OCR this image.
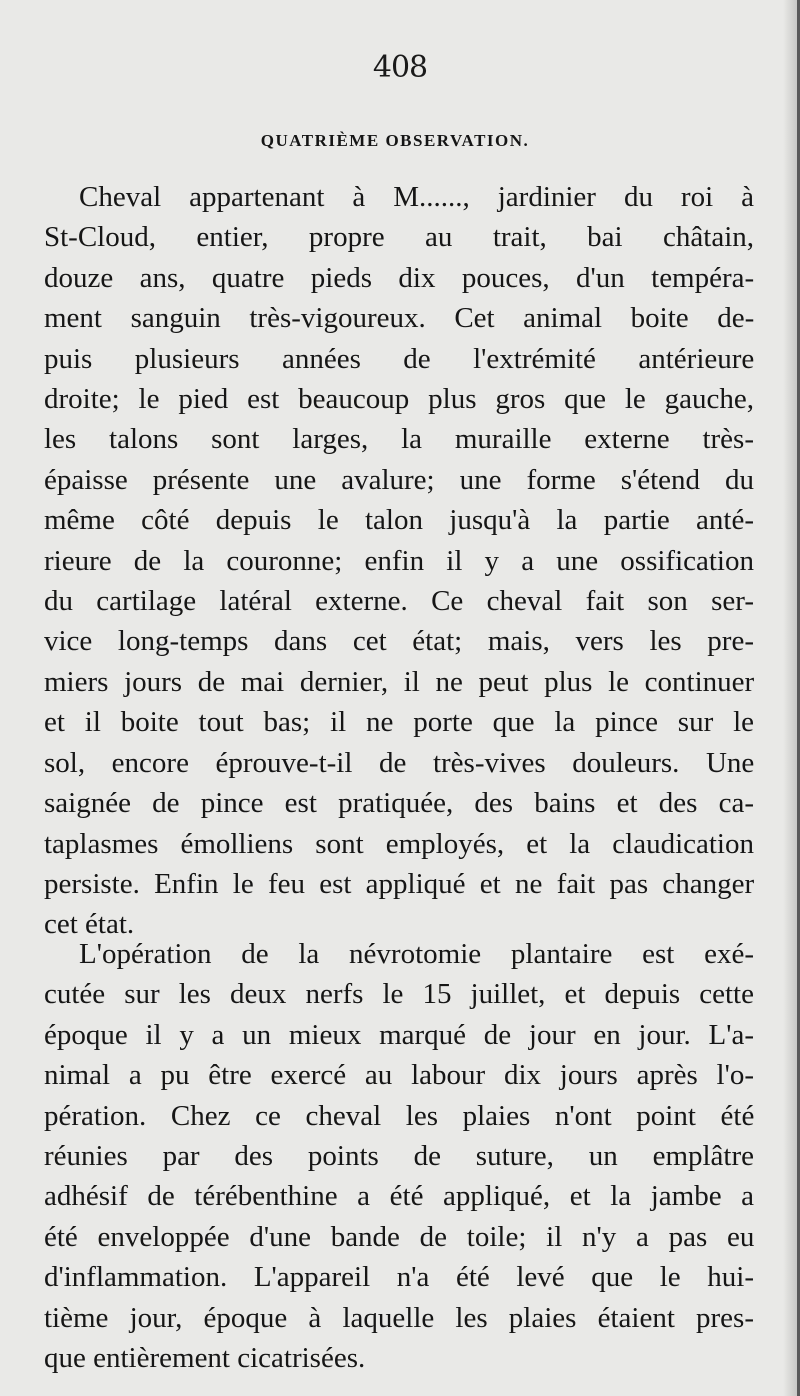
408
QUATRIÈME OBSERVATION.
Cheval appartenant à M......, jardinier du roi à
St-Cloud, entier, propre au trait, bai châtain,
douze ans, quatre pieds dix pouces, d'un tempéra-
ment sanguin très-vigoureux. Cet animal boite de-
puis plusieurs années de l'extrémité antérieure
droite; le pied est beaucoup plus gros que le gauche,
les talons sont larges, la muraille externe très-
épaisse présente une avalure; une forme s'étend du
même côté depuis le talon jusqu'à la partie anté-
rieure de la couronne; enfin il y a une ossification
du cartilage latéral externe. Ce cheval fait son ser-
vice long-temps dans cet état; mais, vers les pre-
miers jours de mai dernier, il ne peut plus le continuer
et il boite tout bas; il ne porte que la pince sur le
sol, encore éprouve-t-il de très-vives douleurs. Une
saignée de pince est pratiquée, des bains et des ca-
taplasmes émolliens sont employés, et la claudication
persiste. Enfin le feu est appliqué et ne fait pas changer
cet état.
L'opération de la névrotomie plantaire est exé-
cutée sur les deux nerfs le 15 juillet, et depuis cette
époque il y a un mieux marqué de jour en jour. L'a-
nimal a pu être exercé au labour dix jours après l'o-
pération. Chez ce cheval les plaies n'ont point été
réunies par des points de suture, un emplâtre
adhésif de térébenthine a été appliqué, et la jambe a
été enveloppée d'une bande de toile; il n'y a pas eu
d'inflammation. L'appareil n'a été levé que le hui-
tième jour, époque à laquelle les plaies étaient pres-
que entièrement cicatrisées.
